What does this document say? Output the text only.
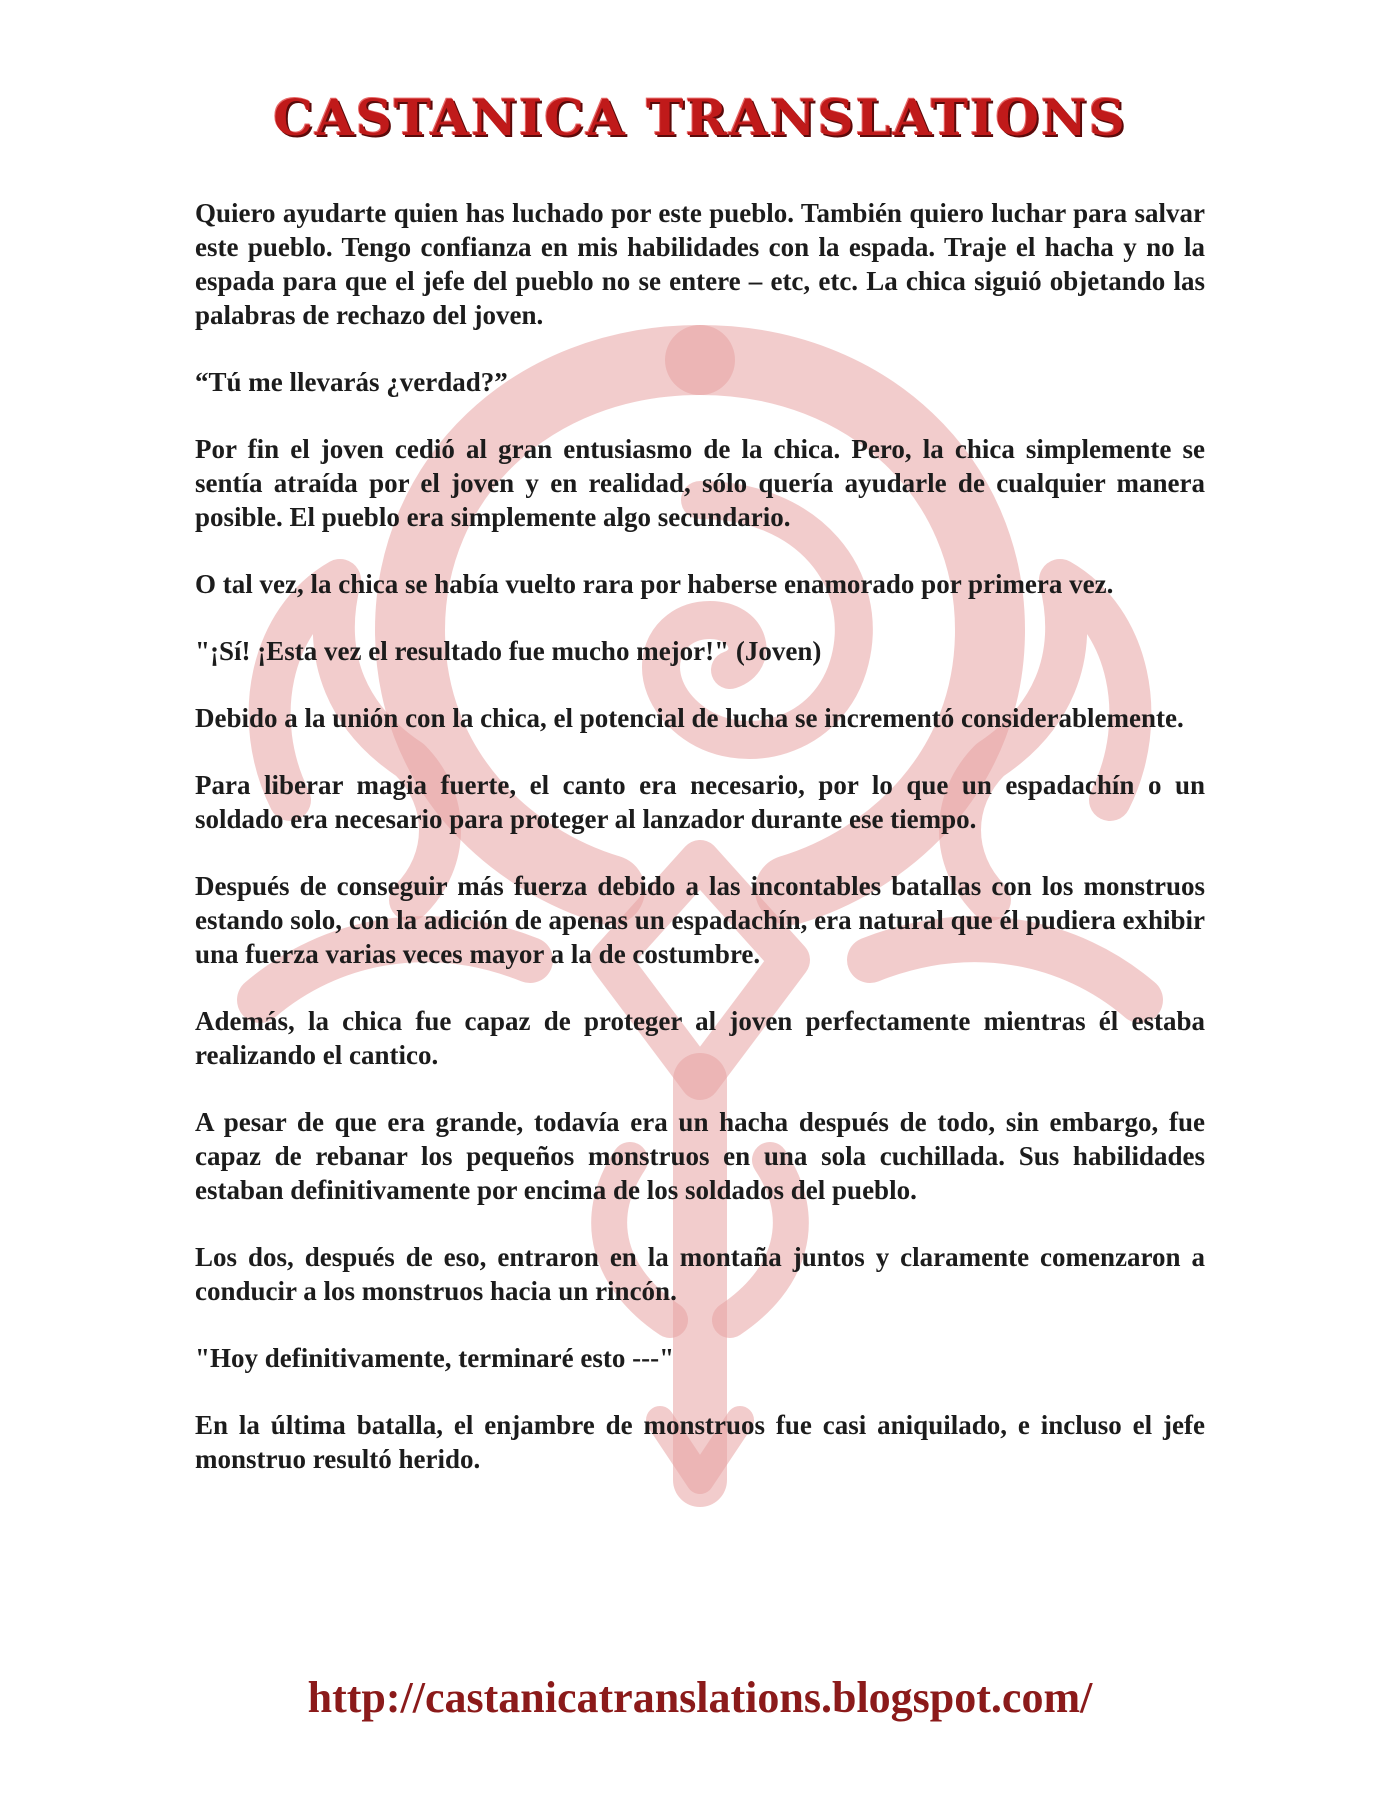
CASTANICA TRANSLATIONS

Quiero ayudarte quien has luchado por este pueblo. También quiero luchar para salvar este pueblo. Tengo confianza en mis habilidades con la espada. Traje el hacha y no la espada para que el jefe del pueblo no se entere – etc, etc. La chica siguió objetando las palabras de rechazo del joven.

“Tú me llevarás ¿verdad?”

Por fin el joven cedió al gran entusiasmo de la chica. Pero, la chica simplemente se sentía atraída por el joven y en realidad, sólo quería ayudarle de cualquier manera posible. El pueblo era simplemente algo secundario.

O tal vez, la chica se había vuelto rara por haberse enamorado por primera vez.

"¡Sí! ¡Esta vez el resultado fue mucho mejor!" (Joven)

Debido a la unión con la chica, el potencial de lucha se incrementó considerablemente.

Para liberar magia fuerte, el canto era necesario, por lo que un espadachín o un soldado era necesario para proteger al lanzador durante ese tiempo.

Después de conseguir más fuerza debido a las incontables batallas con los monstruos estando solo, con la adición de apenas un espadachín, era natural que él pudiera exhibir una fuerza varias veces mayor a la de costumbre.

Además, la chica fue capaz de proteger al joven perfectamente mientras él estaba realizando el cantico.

A pesar de que era grande, todavía era un hacha después de todo, sin embargo, fue capaz de rebanar los pequeños monstruos en una sola cuchillada. Sus habilidades estaban definitivamente por encima de los soldados del pueblo.

Los dos, después de eso, entraron en la montaña juntos y claramente comenzaron a conducir a los monstruos hacia un rincón.

"Hoy definitivamente, terminaré esto ---"

En la última batalla, el enjambre de monstruos fue casi aniquilado, e incluso el jefe monstruo resultó herido.

http://castanicatranslations.blogspot.com/
